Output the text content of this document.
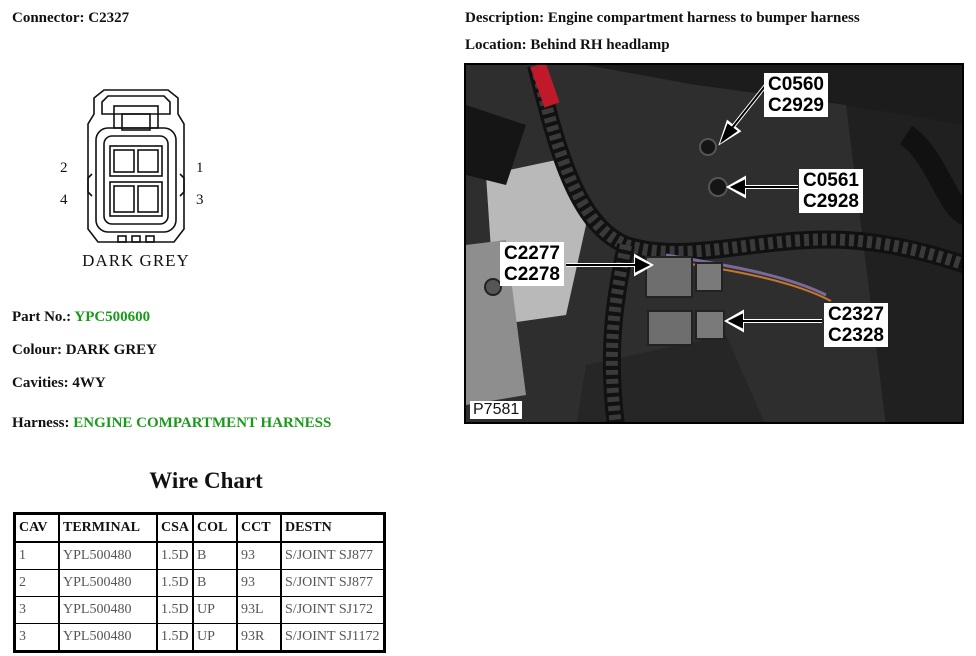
Connector: C2327	Description: Engine compartment harness to bumper harness
Location: Behind RH headlamp
2	1
4	3
DARK GREY
Part No.: YPC500600
Colour: DARK GREY
Cavities: 4WY
Harness: ENGINE COMPARTMENT HARNESS
Wire Chart
CAV	TERMINAL	CSA	COL	CCT	DESTN
1	YPL500480	1.5D	B	93	S/JOINT SJ877
2	YPL500480	1.5D	B	93	S/JOINT SJ877
3	YPL500480	1.5D	UP	93L	S/JOINT SJ172
3	YPL500480	1.5D	UP	93R	S/JOINT SJ1172
C0560
C2929
C0561
C2928
C2277
C2278
C2327
C2328
P7581
